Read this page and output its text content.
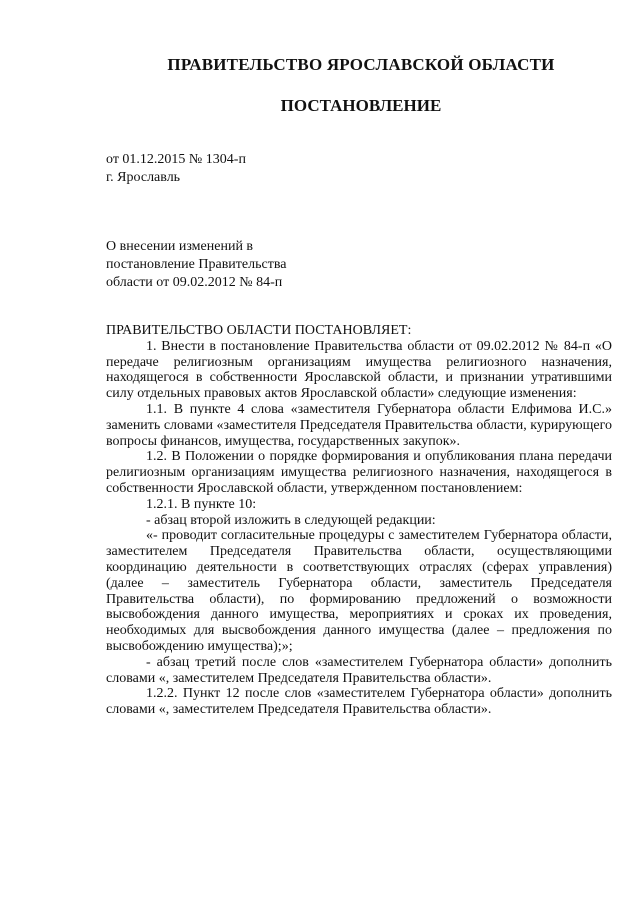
ПРАВИТЕЛЬСТВО ЯРОСЛАВСКОЙ ОБЛАСТИ
ПОСТАНОВЛЕНИЕ
от 01.12.2015 № 1304-п
г. Ярославль
О внесении изменений в
постановление Правительства
области от 09.02.2012 № 84-п

ПРАВИТЕЛЬСТВО ОБЛАСТИ ПОСТАНОВЛЯЕТ:

1. Внести в постановление Правительства области от 09.02.2012 № 84-п «О передаче религиозным организациям имущества религиозного назначения, находящегося в собственности Ярославской области, и признании утратившими силу отдельных правовых актов Ярославской области» следующие изменения:

1.1. В пункте 4 слова «заместителя Губернатора области Елфимова И.С.» заменить словами «заместителя Председателя Правительства области, курирующего вопросы финансов, имущества, государственных закупок».

1.2. В Положении о порядке формирования и опубликования плана передачи религиозным организациям имущества религиозного назначения, находящегося в собственности Ярославской области, утвержденном постановлением:

1.2.1. В пункте 10:

- абзац второй изложить в следующей редакции:

«- проводит согласительные процедуры с заместителем Губернатора области, заместителем Председателя Правительства области, осуществляющими координацию деятельности в соответствующих отраслях (сферах управления) (далее – заместитель Губернатора области, заместитель Председателя Правительства области), по формированию предложений о возможности высвобождения данного имущества, мероприятиях и сроках их проведения, необходимых для высвобождения данного имущества (далее – предложения по высвобождению имущества);»;

- абзац третий после слов «заместителем Губернатора области» дополнить словами «, заместителем Председателя Правительства области».

1.2.2. Пункт 12 после слов «заместителем Губернатора области» дополнить словами «, заместителем Председателя Правительства области».
